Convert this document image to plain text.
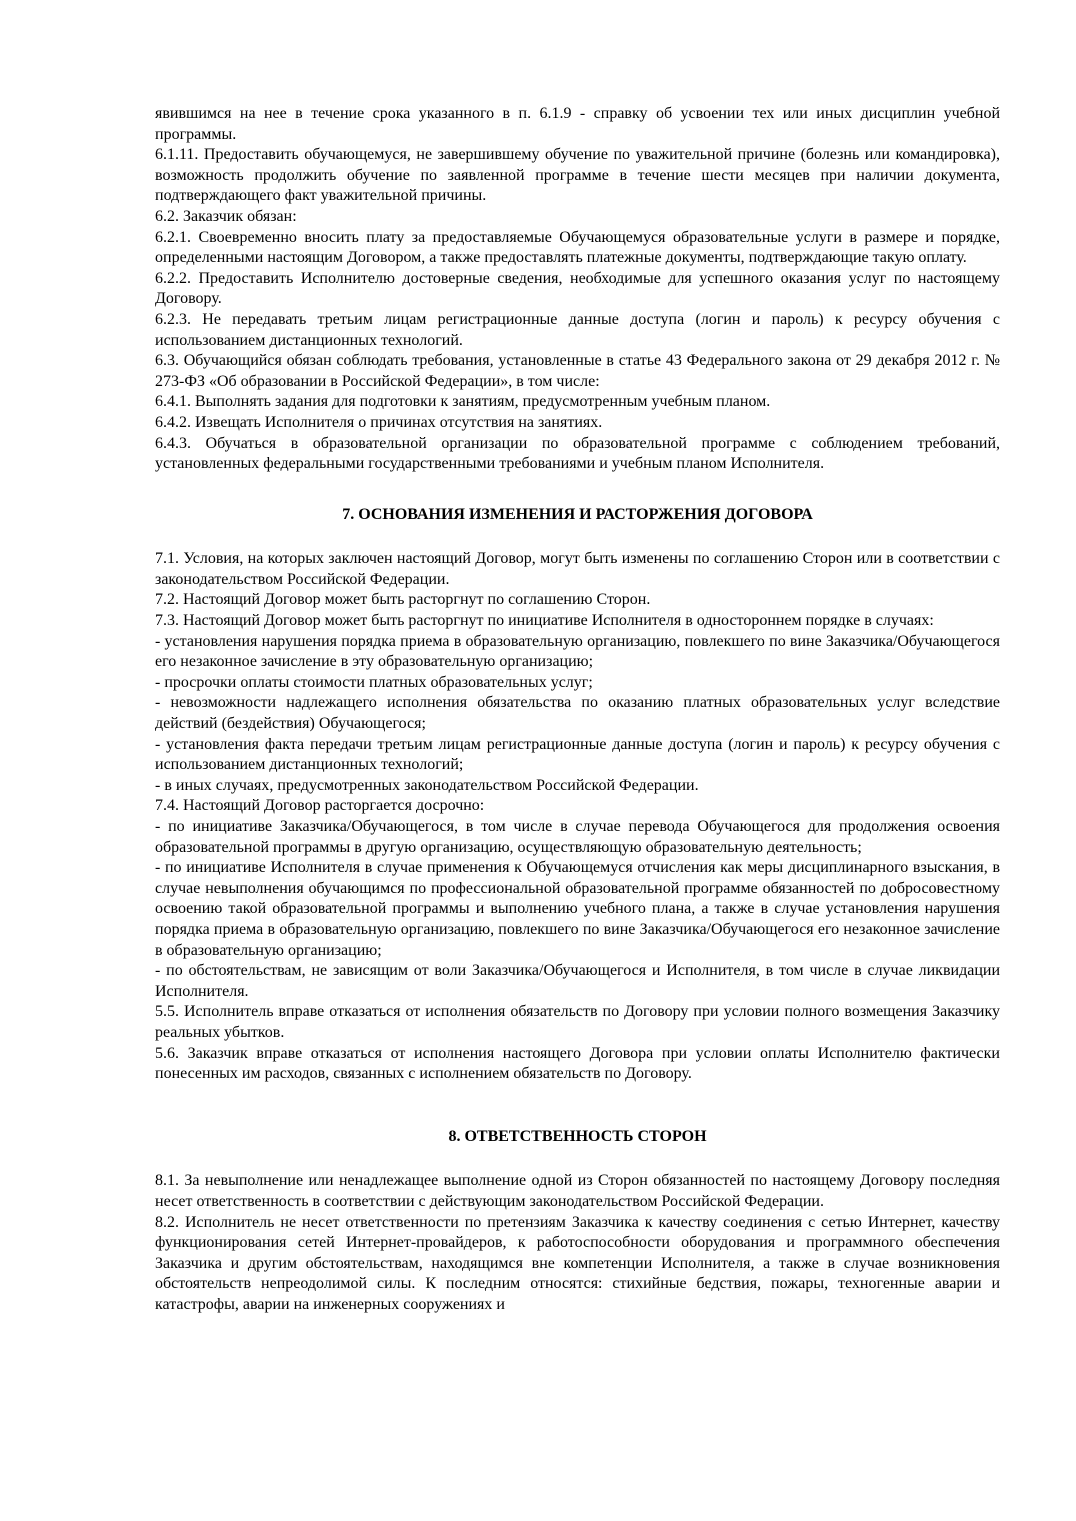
явившимся на нее в течение срока указанного в п. 6.1.9 - справку об усвоении тех или иных дисциплин учебной программы.

6.1.11. Предоставить обучающемуся, не завершившему обучение по уважительной причине (болезнь или командировка), возможность продолжить обучение по заявленной программе в течение шести месяцев при наличии документа, подтверждающего факт уважительной причины.

6.2. Заказчик обязан:

6.2.1. Своевременно вносить плату за предоставляемые Обучающемуся образовательные услуги в размере и порядке, определенными настоящим Договором, а также предоставлять платежные документы, подтверждающие такую оплату.

6.2.2. Предоставить Исполнителю достоверные сведения, необходимые для успешного оказания услуг по настоящему Договору.

6.2.3. Не передавать третьим лицам регистрационные данные доступа (логин и пароль) к ресурсу обучения с использованием дистанционных технологий.

6.3. Обучающийся обязан соблюдать требования, установленные в статье 43 Федерального закона от 29 декабря 2012 г. № 273-ФЗ «Об образовании в Российской Федерации», в том числе:

6.4.1. Выполнять задания для подготовки к занятиям, предусмотренным учебным планом.

6.4.2. Извещать Исполнителя о причинах отсутствия на занятиях.

6.4.3. Обучаться в образовательной организации по образовательной программе с соблюдением требований, установленных федеральными государственными требованиями и учебным планом Исполнителя.

7. ОСНОВАНИЯ ИЗМЕНЕНИЯ И РАСТОРЖЕНИЯ ДОГОВОРА

7.1. Условия, на которых заключен настоящий Договор, могут быть изменены по соглашению Сторон или в соответствии с законодательством Российской Федерации.

7.2. Настоящий Договор может быть расторгнут по соглашению Сторон.

7.3. Настоящий Договор может быть расторгнут по инициативе Исполнителя в одностороннем порядке в случаях:

- установления нарушения порядка приема в образовательную организацию, повлекшего по вине Заказчика/Обучающегося его незаконное зачисление в эту образовательную организацию;

- просрочки оплаты стоимости платных образовательных услуг;

- невозможности надлежащего исполнения обязательства по оказанию платных образовательных услуг вследствие действий (бездействия) Обучающегося;

- установления факта передачи третьим лицам регистрационные данные доступа (логин и пароль) к ресурсу обучения с использованием дистанционных технологий;

- в иных случаях, предусмотренных законодательством Российской Федерации.

7.4. Настоящий Договор расторгается досрочно:

- по инициативе Заказчика/Обучающегося, в том числе в случае перевода Обучающегося для продолжения освоения образовательной программы в другую организацию, осуществляющую образовательную деятельность;

- по инициативе Исполнителя в случае применения к Обучающемуся отчисления как меры дисциплинарного взыскания, в случае невыполнения обучающимся по профессиональной образовательной программе обязанностей по добросовестному освоению такой образовательной программы и выполнению учебного плана, а также в случае установления нарушения порядка приема в образовательную организацию, повлекшего по вине Заказчика/Обучающегося его незаконное зачисление в образовательную организацию;

- по обстоятельствам, не зависящим от воли Заказчика/Обучающегося и Исполнителя, в том числе в случае ликвидации Исполнителя.

5.5. Исполнитель вправе отказаться от исполнения обязательств по Договору при условии полного возмещения Заказчику реальных убытков.

5.6. Заказчик вправе отказаться от исполнения настоящего Договора при условии оплаты Исполнителю фактически понесенных им расходов, связанных с исполнением обязательств по Договору.

8. ОТВЕТСТВЕННОСТЬ СТОРОН

8.1. За невыполнение или ненадлежащее выполнение одной из Сторон обязанностей по настоящему Договору последняя несет ответственность в соответствии с действующим законодательством Российской Федерации.

8.2. Исполнитель не несет ответственности по претензиям Заказчика к качеству соединения с сетью Интернет, качеству функционирования сетей Интернет-провайдеров, к работоспособности оборудования и программного обеспечения Заказчика и другим обстоятельствам, находящимся вне компетенции Исполнителя, а также в случае возникновения обстоятельств непреодолимой силы. К последним относятся: стихийные бедствия, пожары, техногенные аварии и катастрофы, аварии на инженерных сооружениях и
